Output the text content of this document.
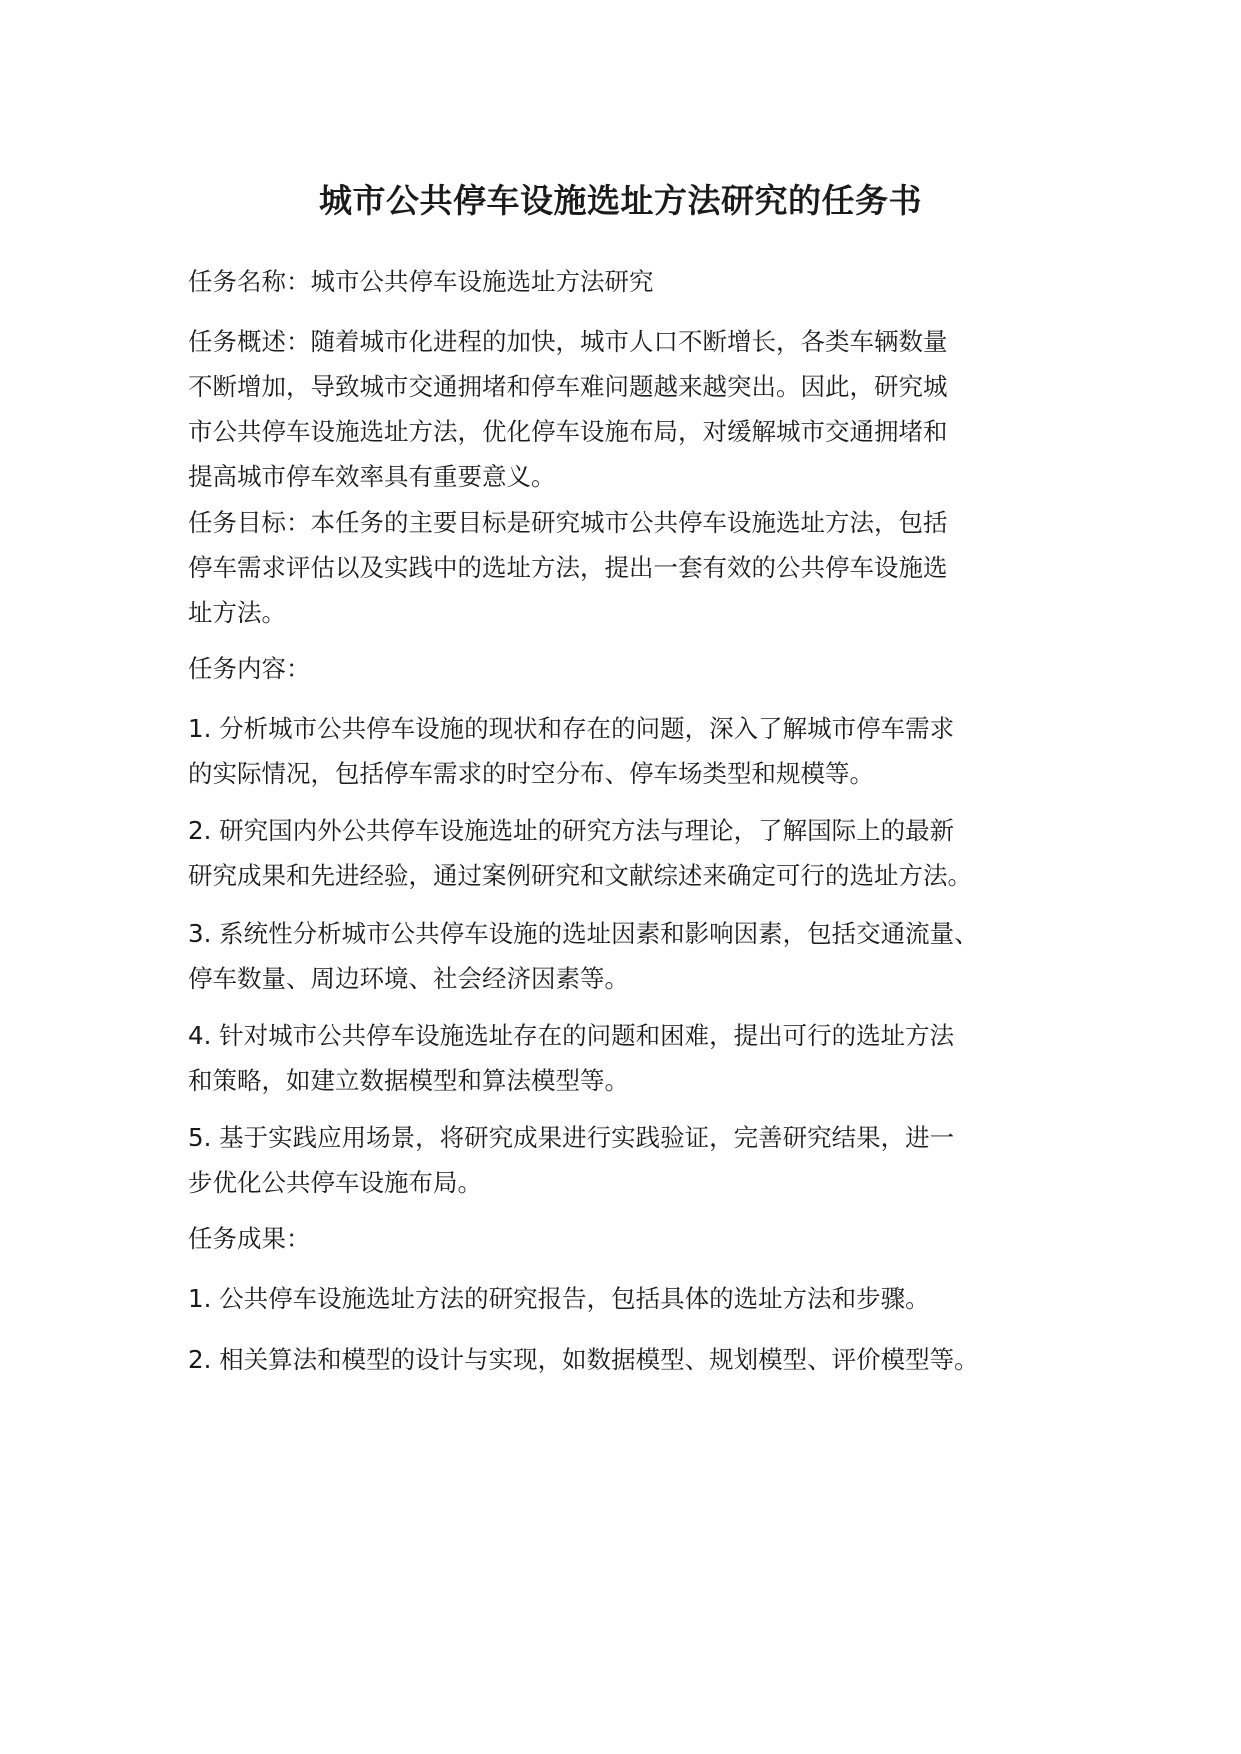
城市公共停车设施选址方法研究的任务书

任务名称：城市公共停车设施选址方法研究

任务概述：随着城市化进程的加快，城市人口不断增长，各类车辆数量
不断增加，导致城市交通拥堵和停车难问题越来越突出。因此，研究城
市公共停车设施选址方法，优化停车设施布局，对缓解城市交通拥堵和
提高城市停车效率具有重要意义。

任务目标：本任务的主要目标是研究城市公共停车设施选址方法，包括
停车需求评估以及实践中的选址方法，提出一套有效的公共停车设施选
址方法。

任务内容：

1. 分析城市公共停车设施的现状和存在的问题，深入了解城市停车需求
的实际情况，包括停车需求的时空分布、停车场类型和规模等。

2. 研究国内外公共停车设施选址的研究方法与理论，了解国际上的最新
研究成果和先进经验，通过案例研究和文献综述来确定可行的选址方法。

3. 系统性分析城市公共停车设施的选址因素和影响因素，包括交通流量、
停车数量、周边环境、社会经济因素等。

4. 针对城市公共停车设施选址存在的问题和困难，提出可行的选址方法
和策略，如建立数据模型和算法模型等。

5. 基于实践应用场景，将研究成果进行实践验证，完善研究结果，进一
步优化公共停车设施布局。

任务成果：

1. 公共停车设施选址方法的研究报告，包括具体的选址方法和步骤。

2. 相关算法和模型的设计与实现，如数据模型、规划模型、评价模型等。
